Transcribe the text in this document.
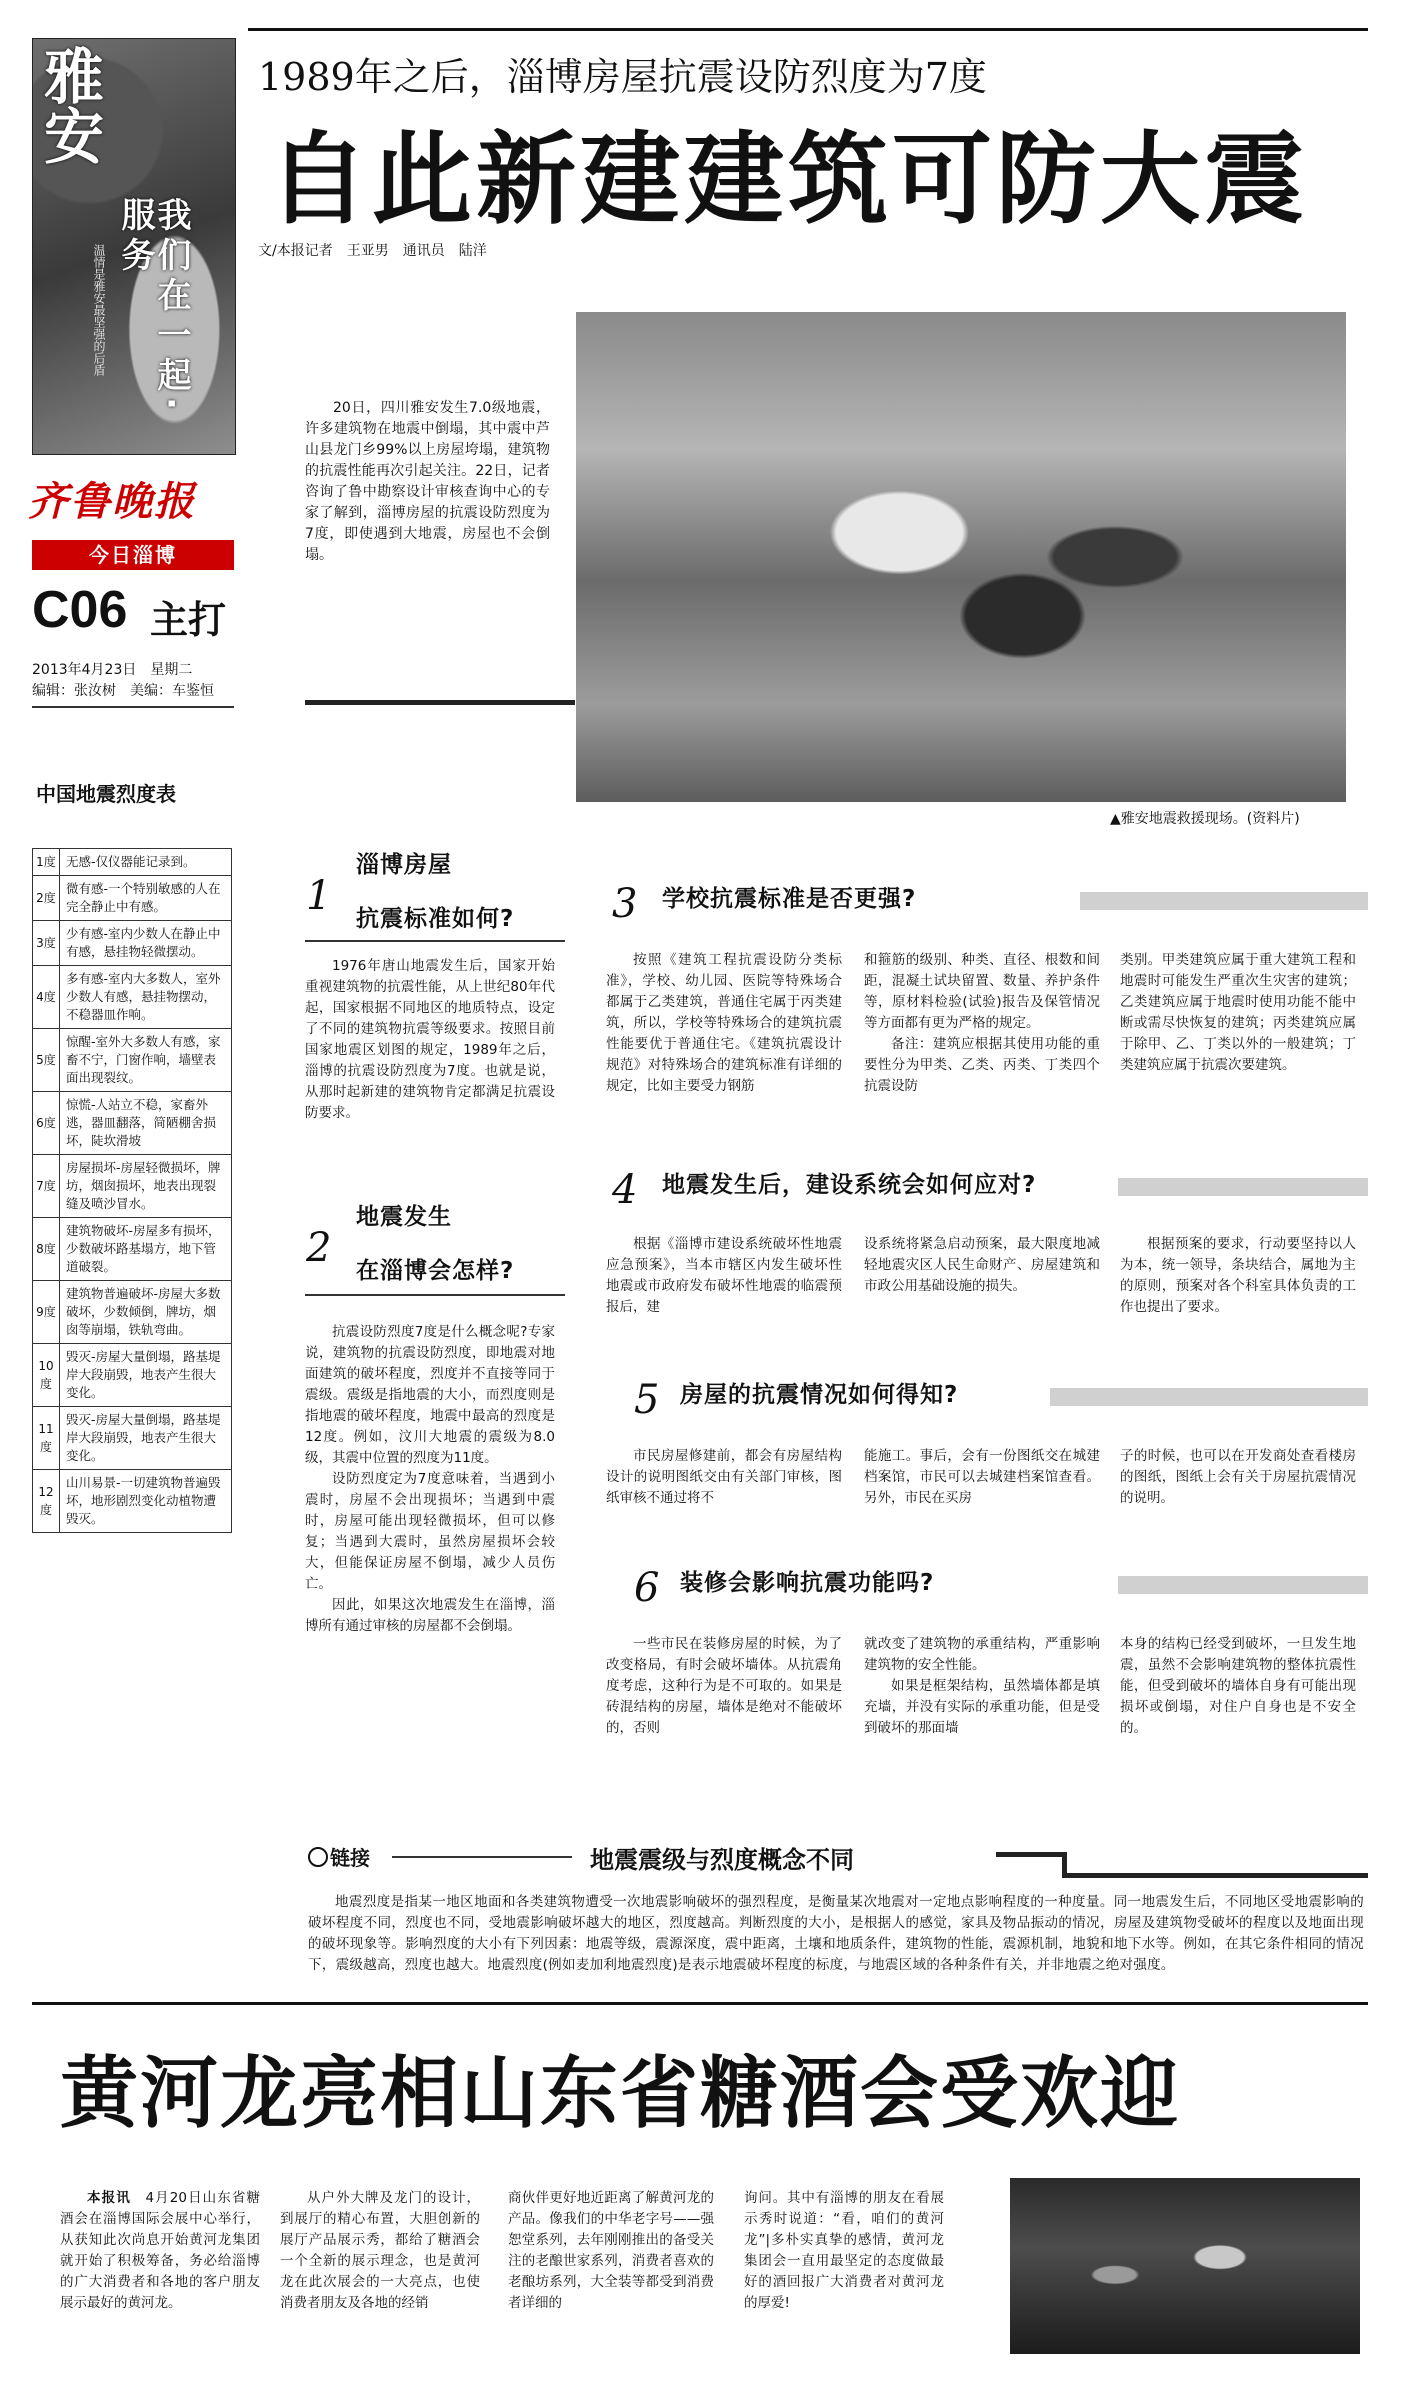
雅安
我们在一起·服务
温情是雅安最坚强的后盾
齐鲁晚报
今日淄博
C06 主打
2013年4月23日　 星期二
编辑：张汝树　美编：车鉴恒
1989年之后，淄博房屋抗震设防烈度为7度
自此新建建筑可防大震
文/本报记者　王亚男　通讯员　陆洋
20日，四川雅安发生7.0级地震，许多建筑物在地震中倒塌，其中震中芦山县龙门乡99%以上房屋垮塌，建筑物的抗震性能再次引起关注。22日，记者咨询了鲁中勘察设计审核查询中心的专家了解到，淄博房屋的抗震设防烈度为7度，即使遇到大地震，房屋也不会倒塌。
▲雅安地震救援现场。(资料片)
中国地震烈度表
1度	无感-仅仪器能记录到。
2度	微有感-一个特别敏感的人在完全静止中有感。
3度	少有感-室内少数人在静止中有感，悬挂物轻微摆动。
4度	多有感-室内大多数人，室外少数人有感，悬挂物摆动，不稳器皿作响。
5度	惊醒-室外大多数人有感，家畜不宁，门窗作响，墙壁表面出现裂纹。
6度	惊慌-人站立不稳，家畜外逃，器皿翻落，简陋棚舍损坏，陡坎滑坡
7度	房屋损坏-房屋轻微损坏，牌坊，烟囱损坏，地表出现裂缝及喷沙冒水。
8度	建筑物破坏-房屋多有损坏，少数破坏路基塌方，地下管道破裂。
9度	建筑物普遍破坏-房屋大多数破坏，少数倾倒，牌坊，烟囱等崩塌，铁轨弯曲。
10度	毁灭-房屋大量倒塌，路基堤岸大段崩毁，地表产生很大变化。
11度	毁灭-房屋大量倒塌，路基堤岸大段崩毁，地表产生很大变化。
12度	山川易景-一切建筑物普遍毁坏，地形剧烈变化动植物遭毁灭。
1
淄博房屋
抗震标准如何?

1976年唐山地震发生后，国家开始重视建筑物的抗震性能，从上世纪80年代起，国家根据不同地区的地质特点，设定了不同的建筑物抗震等级要求。按照目前国家地震区划图的规定，1989年之后，淄博的抗震设防烈度为7度。也就是说，从那时起新建的建筑物肯定都满足抗震设防要求。

2
地震发生
在淄博会怎样?

抗震设防烈度7度是什么概念呢?专家说，建筑物的抗震设防烈度，即地震对地面建筑的破坏程度，烈度并不直接等同于震级。震级是指地震的大小，而烈度则是指地震的破坏程度，地震中最高的烈度是12度。例如，汶川大地震的震级为8.0级，其震中位置的烈度为11度。

设防烈度定为7度意味着，当遇到小震时，房屋不会出现损坏；当遇到中震时，房屋可能出现轻微损坏，但可以修复；当遇到大震时，虽然房屋损坏会较大，但能保证房屋不倒塌，减少人员伤亡。

因此，如果这次地震发生在淄博，淄博所有通过审核的房屋都不会倒塌。

3 学校抗震标准是否更强?

按照《建筑工程抗震设防分类标准》，学校、幼儿园、医院等特殊场合都属于乙类建筑，普通住宅属于丙类建筑，所以，学校等特殊场合的建筑抗震性能要优于普通住宅。《建筑抗震设计规范》对特殊场合的建筑标准有详细的规定，比如主要受力钢筋

和箍筋的级别、种类、直径、根数和间距，混凝土试块留置、数量、养护条件等，原材料检验(试验)报告及保管情况等方面都有更为严格的规定。

备注：建筑应根据其使用功能的重要性分为甲类、乙类、丙类、丁类四个抗震设防

类别。甲类建筑应属于重大建筑工程和地震时可能发生严重次生灾害的建筑；乙类建筑应属于地震时使用功能不能中断或需尽快恢复的建筑；丙类建筑应属于除甲、乙、丁类以外的一般建筑；丁类建筑应属于抗震次要建筑。

4 地震发生后，建设系统会如何应对?

根据《淄博市建设系统破坏性地震应急预案》，当本市辖区内发生破坏性地震或市政府发布破坏性地震的临震预报后，建

设系统将紧急启动预案，最大限度地减轻地震灾区人民生命财产、房屋建筑和市政公用基础设施的损失。

根据预案的要求，行动要坚持以人为本，统一领导，条块结合，属地为主的原则，预案对各个科室具体负责的工作也提出了要求。

5 房屋的抗震情况如何得知?

市民房屋修建前，都会有房屋结构设计的说明图纸交由有关部门审核，图纸审核不通过将不

能施工。事后，会有一份图纸交在城建档案馆，市民可以去城建档案馆查看。另外，市民在买房

子的时候，也可以在开发商处查看楼房的图纸，图纸上会有关于房屋抗震情况的说明。

6 装修会影响抗震功能吗?

一些市民在装修房屋的时候，为了改变格局，有时会破坏墙体。从抗震角度考虑，这种行为是不可取的。如果是砖混结构的房屋，墙体是绝对不能破坏的，否则

就改变了建筑物的承重结构，严重影响建筑物的安全性能。

如果是框架结构，虽然墙体都是填充墙，并没有实际的承重功能，但是受到破坏的那面墙

本身的结构已经受到破坏，一旦发生地震，虽然不会影响建筑物的整体抗震性能，但受到破坏的墙体自身有可能出现损坏或倒塌，对住户自身也是不安全的。

链接	地震震级与烈度概念不同
地震烈度是指某一地区地面和各类建筑物遭受一次地震影响破坏的强烈程度，是衡量某次地震对一定地点影响程度的一种度量。同一地震发生后，不同地区受地震影响的破坏程度不同，烈度也不同，受地震影响破坏越大的地区，烈度越高。判断烈度的大小，是根据人的感觉，家具及物品振动的情况，房屋及建筑物受破坏的程度以及地面出现的破坏现象等。影响烈度的大小有下列因素：地震等级，震源深度，震中距离，土壤和地质条件，建筑物的性能，震源机制，地貌和地下水等。例如，在其它条件相同的情况下，震级越高，烈度也越大。地震烈度(例如麦加利地震烈度)是表示地震破坏程度的标度，与地震区域的各种条件有关，并非地震之绝对强度。
黄河龙亮相山东省糖酒会受欢迎

本报讯　 4月20日山东省糖酒会在淄博国际会展中心举行，从获知此次尚息开始黄河龙集团就开始了积极筹备，务必给淄博的广大消费者和各地的客户朋友展示最好的黄河龙。

从户外大牌及龙门的设计，到展厅的精心布置，大胆创新的展厅产品展示秀，都给了糖酒会一个全新的展示理念，也是黄河龙在此次展会的一大亮点，也使消费者朋友及各地的经销

商伙伴更好地近距离了解黄河龙的产品。像我们的中华老字号——强恕堂系列，去年刚刚推出的备受关注的老酿世家系列，消费者喜欢的老酿坊系列，大全装等都受到消费者详细的

询问。其中有淄博的朋友在看展示秀时说道：“看，咱们的黄河龙”|多朴实真挚的感情，黄河龙集团会一直用最坚定的态度做最好的酒回报广大消费者对黄河龙的厚爱!
